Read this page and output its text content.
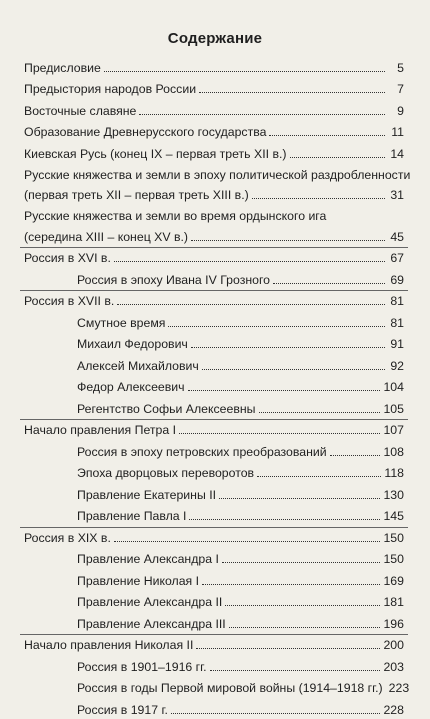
Содержание
Предисловие	5
Предыстория народов России	7
Восточные славяне	9
Образование Древнерусского государства	11
Киевская Русь (конец IX – первая треть XII в.)	14
Русские княжества и земли в эпоху политической раздробленности
(первая треть XII – первая треть XIII в.)	31
Русские княжества и земли во время ордынского ига
(середина XIII – конец XV в.)	45
Россия в XVI в.	67
Россия в эпоху Ивана IV Грозного	69
Россия в XVII в.	81
Смутное время	81
Михаил Федорович	91
Алексей Михайлович	92
Федор Алексеевич	104
Регентство Софьи Алексеевны	105
Начало правления Петра I	107
Россия в эпоху петровских преобразований	108
Эпоха дворцовых переворотов	118
Правление Екатерины II	130
Правление Павла I	145
Россия в XIX в.	150
Правление Александра I	150
Правление Николая I	169
Правление Александра II	181
Правление Александра III	196
Начало правления Николая II	200
Россия в 1901–1916 гг.	203
Россия в годы Первой мировой войны (1914–1918 гг.) 223
Россия в 1917 г.	228
